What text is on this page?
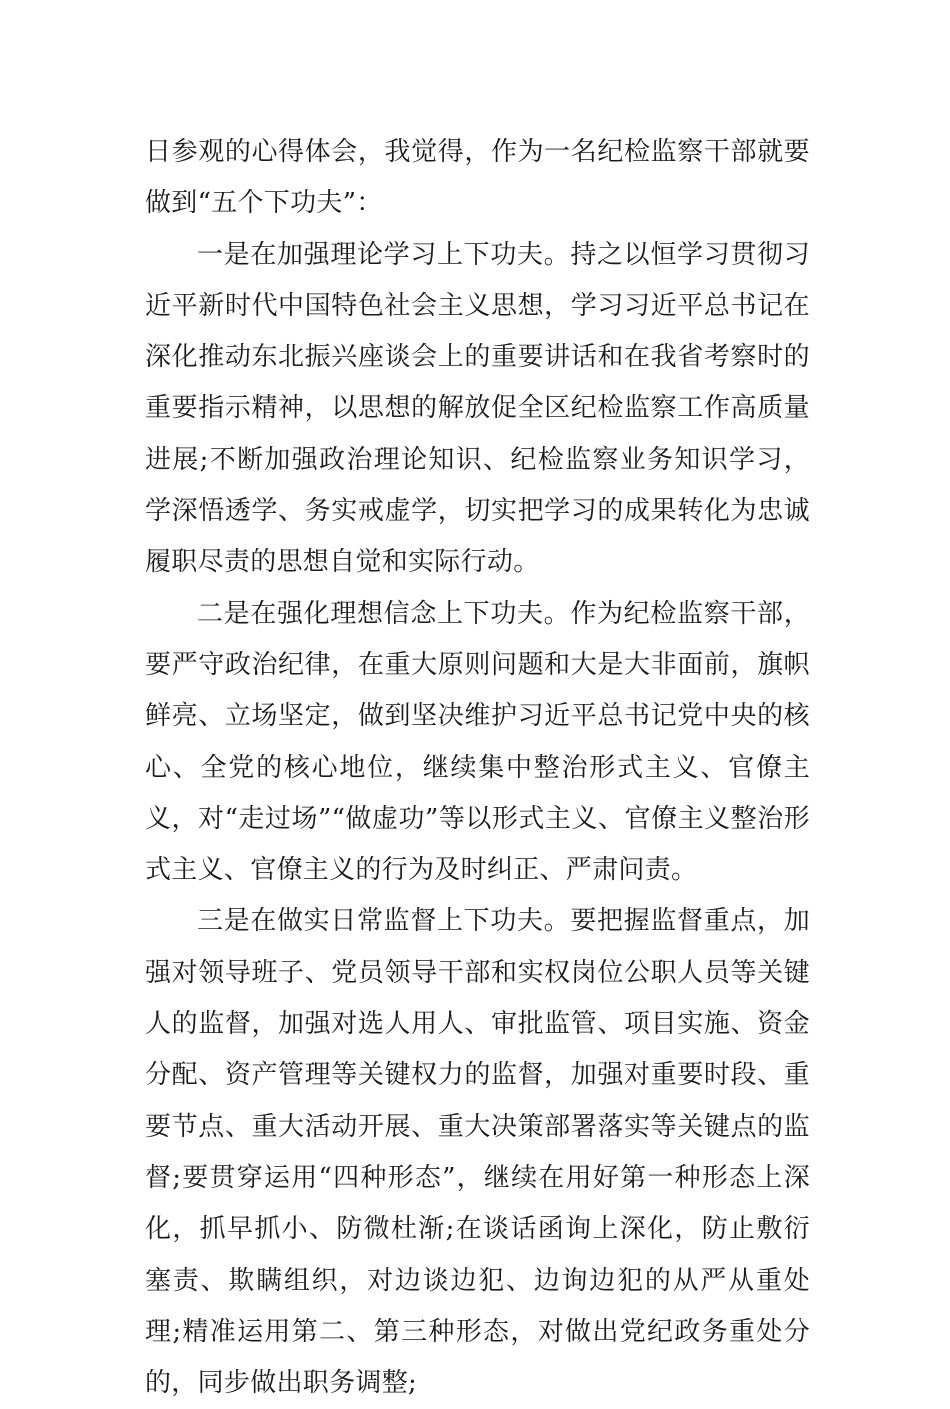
日参观的心得体会，我觉得，作为一名纪检监察干部就要做到“五个下功夫”：

一是在加强理论学习上下功夫。持之以恒学习贯彻习近平新时代中国特色社会主义思想，学习习近平总书记在深化推动东北振兴座谈会上的重要讲话和在我省考察时的重要指示精神，以思想的解放促全区纪检监察工作高质量进展;不断加强政治理论知识、纪检监察业务知识学习，学深悟透学、务实戒虚学，切实把学习的成果转化为忠诚履职尽责的思想自觉和实际行动。

二是在强化理想信念上下功夫。作为纪检监察干部，要严守政治纪律，在重大原则问题和大是大非面前，旗帜鲜亮、立场坚定，做到坚决维护习近平总书记党中央的核心、全党的核心地位，继续集中整治形式主义、官僚主义，对“走过场”“做虚功”等以形式主义、官僚主义整治形式主义、官僚主义的行为及时纠正、严肃问责。

三是在做实日常监督上下功夫。要把握监督重点，加强对领导班子、党员领导干部和实权岗位公职人员等关键人的监督，加强对选人用人、审批监管、项目实施、资金分配、资产管理等关键权力的监督，加强对重要时段、重要节点、重大活动开展、重大决策部署落实等关键点的监督;要贯穿运用“四种形态”，继续在用好第一种形态上深化，抓早抓小、防微杜渐;在谈话函询上深化，防止敷衍塞责、欺瞒组织，对边谈边犯、边询边犯的从严从重处理;精准运用第二、第三种形态，对做出党纪政务重处分的，同步做出职务调整;
